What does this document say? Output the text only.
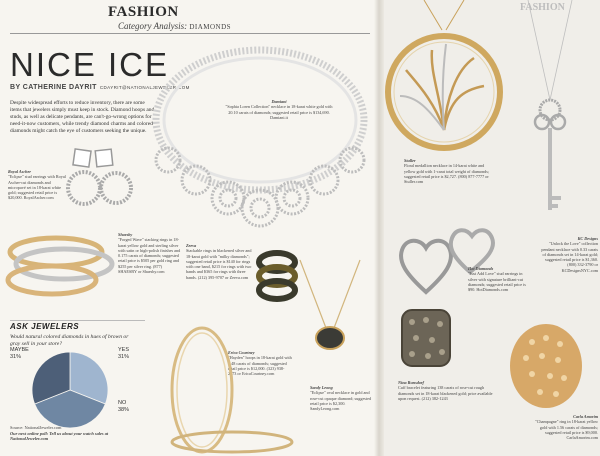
FASHION
Category Analysis: DIAMONDS
NICE ICE
BY CATHERINE DAYRIT CDAYRIT@NATIONALJEWELER.COM
Despite widespread efforts to reduce inventory, there are some items that jewelers simply must keep in stock. Diamond hoops and studs, as well as delicate pendants, are can't-go-wrong options for need-it-now customers, while trendy diamond charms and colored diamonds might catch the eye of customers seeking the unique.
Damiani
"Sophia Loren Collection" necklace in 18-karat white gold with 20.10 carats of diamonds; suggested retail price is $134,690. Damiani.it
Royal Ascher
"Eclipse" stud earrings with Royal Ascher-cut diamonds and micropavé set in 18-karat white gold; suggested retail price is $20,000. RoyalAscher.com
Shaesby
"Forged Wave" stacking rings in 18-karat yellow gold and sterling silver with satin or high-polish finishes and 0.175 carats of diamonds; suggested retail price is $505 per gold ring and $255 per silver ring. (877) SHAESBY or Shaesby.com
Zeeva
Stackable rings in blackened silver and 18-karat gold with "milky diamonds"; suggested retail price is $140 for rings with one band, $215 for rings with two bands and $365 for rings with three bands. (212) 395-9707 or Zeeva.com
Erica Courtney
"Hayden" hoops in 18-karat gold with 2.48 carats of diamonds; suggested retail price is $12,000. (323) 938-2373 or EricaCourtney.com
Sandy Leong
"Eclipse" oval necklace in gold and rose-cut opaque diamond; suggested retail price is $2,300. SandyLeong.com
ASK JEWELERS
Would natural colored diamonds in hues of brown or gray sell in your store?
MAYBE
31%
YES
31%
NO
38%
Source: NationalJeweler.com
Our next online poll: Tell us about your watch sales at NationalJeweler.com
FASHION
Stuller
Floral medallion necklace in 14-karat white and yellow gold with 1-carat total weight of diamonds; suggested retail price is $2,727. (800) 877-7777 or Stuller.com
KC Designs
"Unlock the Love" collection pendant necklace with 0.33 carats of diamonds set in 14-karat gold; suggested retail price is $1,360. (800) 332-3790 or KCDesignsNYC.com
Hot Diamonds
"Just Add Love" stud earrings in silver with signature brilliant-cut diamonds; suggested retail price is $90. HotDiamonds.com
Nina Runsdorf
Cuff bracelet featuring 138 carats of rose-cut rough diamonds set in 18-karat blackened gold; price available upon request. (212) 382-1243
Carla Amorim
"Champagne" ring in 18-karat yellow gold with 1.56 carats of diamonds; suggested retail price is $9,000. CarlaAmorim.com
